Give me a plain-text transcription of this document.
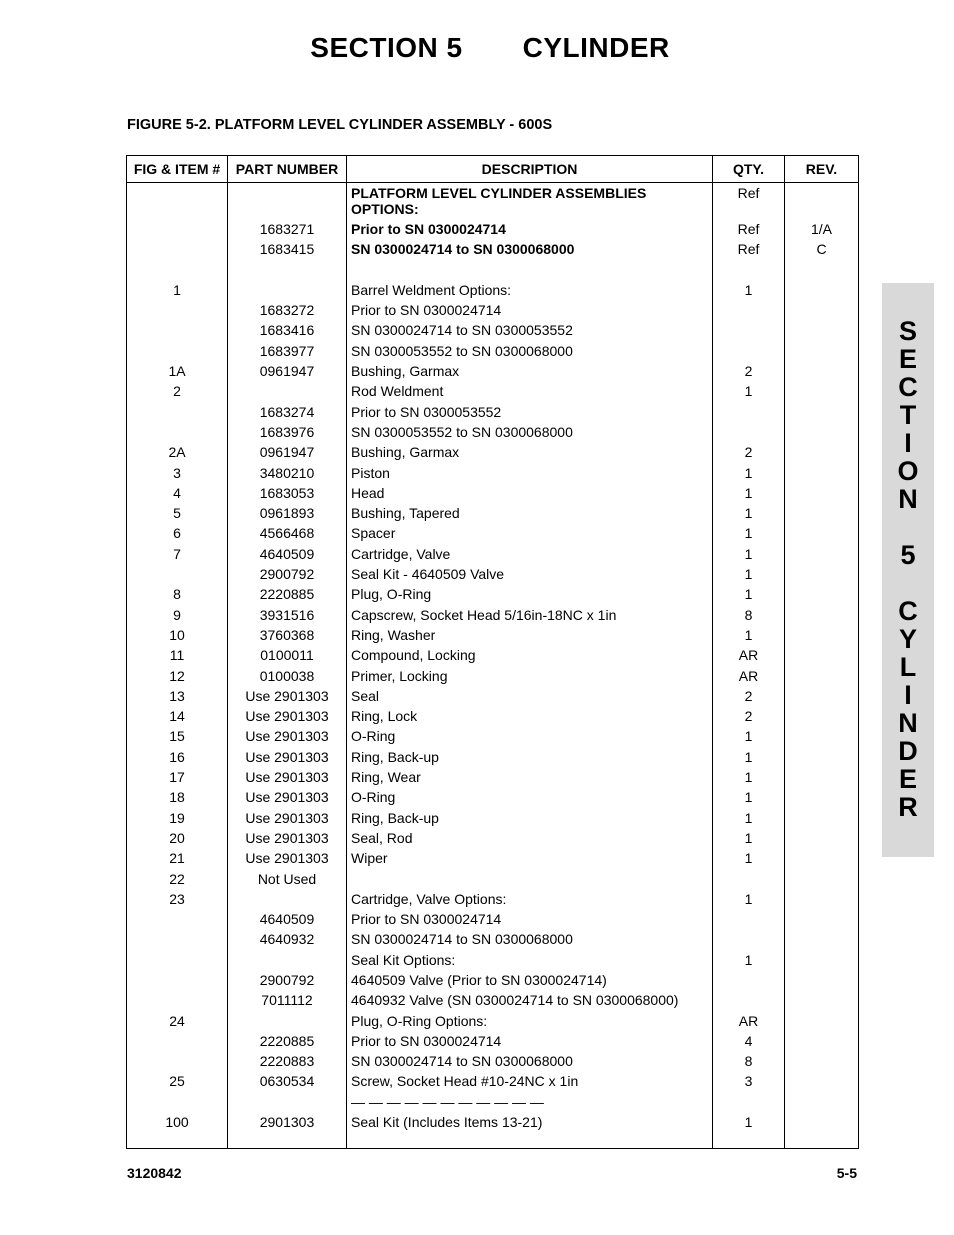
SECTION 5 CYLINDER
FIGURE 5-2. PLATFORM LEVEL CYLINDER ASSEMBLY - 600S
FIG & ITEM #	PART NUMBER	DESCRIPTION	QTY.	REV.
		PLATFORM LEVEL CYLINDER ASSEMBLIES OPTIONS:	Ref	
	1683271	Prior to SN 0300024714	Ref	1/A
	1683415	SN 0300024714 to SN 0300068000	Ref	C

1		Barrel Weldment Options:	1	
	1683272	Prior to SN 0300024714		
	1683416	SN 0300024714 to SN 0300053552		
	1683977	SN 0300053552 to SN 0300068000		
1A	0961947	Bushing, Garmax	2	
2		Rod Weldment	1	
	1683274	Prior to SN 0300053552		
	1683976	SN 0300053552 to SN 0300068000		
2A	0961947	Bushing, Garmax	2	
3	3480210	Piston	1	
4	1683053	Head	1	
5	0961893	Bushing, Tapered	1	
6	4566468	Spacer	1	
7	4640509	Cartridge, Valve	1	
	2900792	Seal Kit - 4640509 Valve	1	
8	2220885	Plug, O-Ring	1	
9	3931516	Capscrew, Socket Head 5/16in-18NC x 1in	8	
10	3760368	Ring, Washer	1	
11	0100011	Compound, Locking	AR	
12	0100038	Primer, Locking	AR	
13	Use 2901303	Seal	2	
14	Use 2901303	Ring, Lock	2	
15	Use 2901303	O-Ring	1	
16	Use 2901303	Ring, Back-up	1	
17	Use 2901303	Ring, Wear	1	
18	Use 2901303	O-Ring	1	
19	Use 2901303	Ring, Back-up	1	
20	Use 2901303	Seal, Rod	1	
21	Use 2901303	Wiper	1	
22	Not Used			
23		Cartridge, Valve Options:	1	
	4640509	Prior to SN 0300024714		
	4640932	SN 0300024714 to SN 0300068000		
		Seal Kit Options:	1	
	2900792	4640509 Valve (Prior to SN 0300024714)		
	7011112	4640932 Valve (SN 0300024714 to SN 0300068000)		
24		Plug, O-Ring Options:	AR	
	2220885	Prior to SN 0300024714	4	
	2220883	SN 0300024714 to SN 0300068000	8	
25	0630534	Screw, Socket Head #10-24NC x 1in	3	
		— — — — — — — — — — —		
100	2901303	Seal Kit (Includes Items 13-21)	1	

S
E
C
T
I
O
N

5

C
Y
L
I
N
D
E
R
3120842	5-5
